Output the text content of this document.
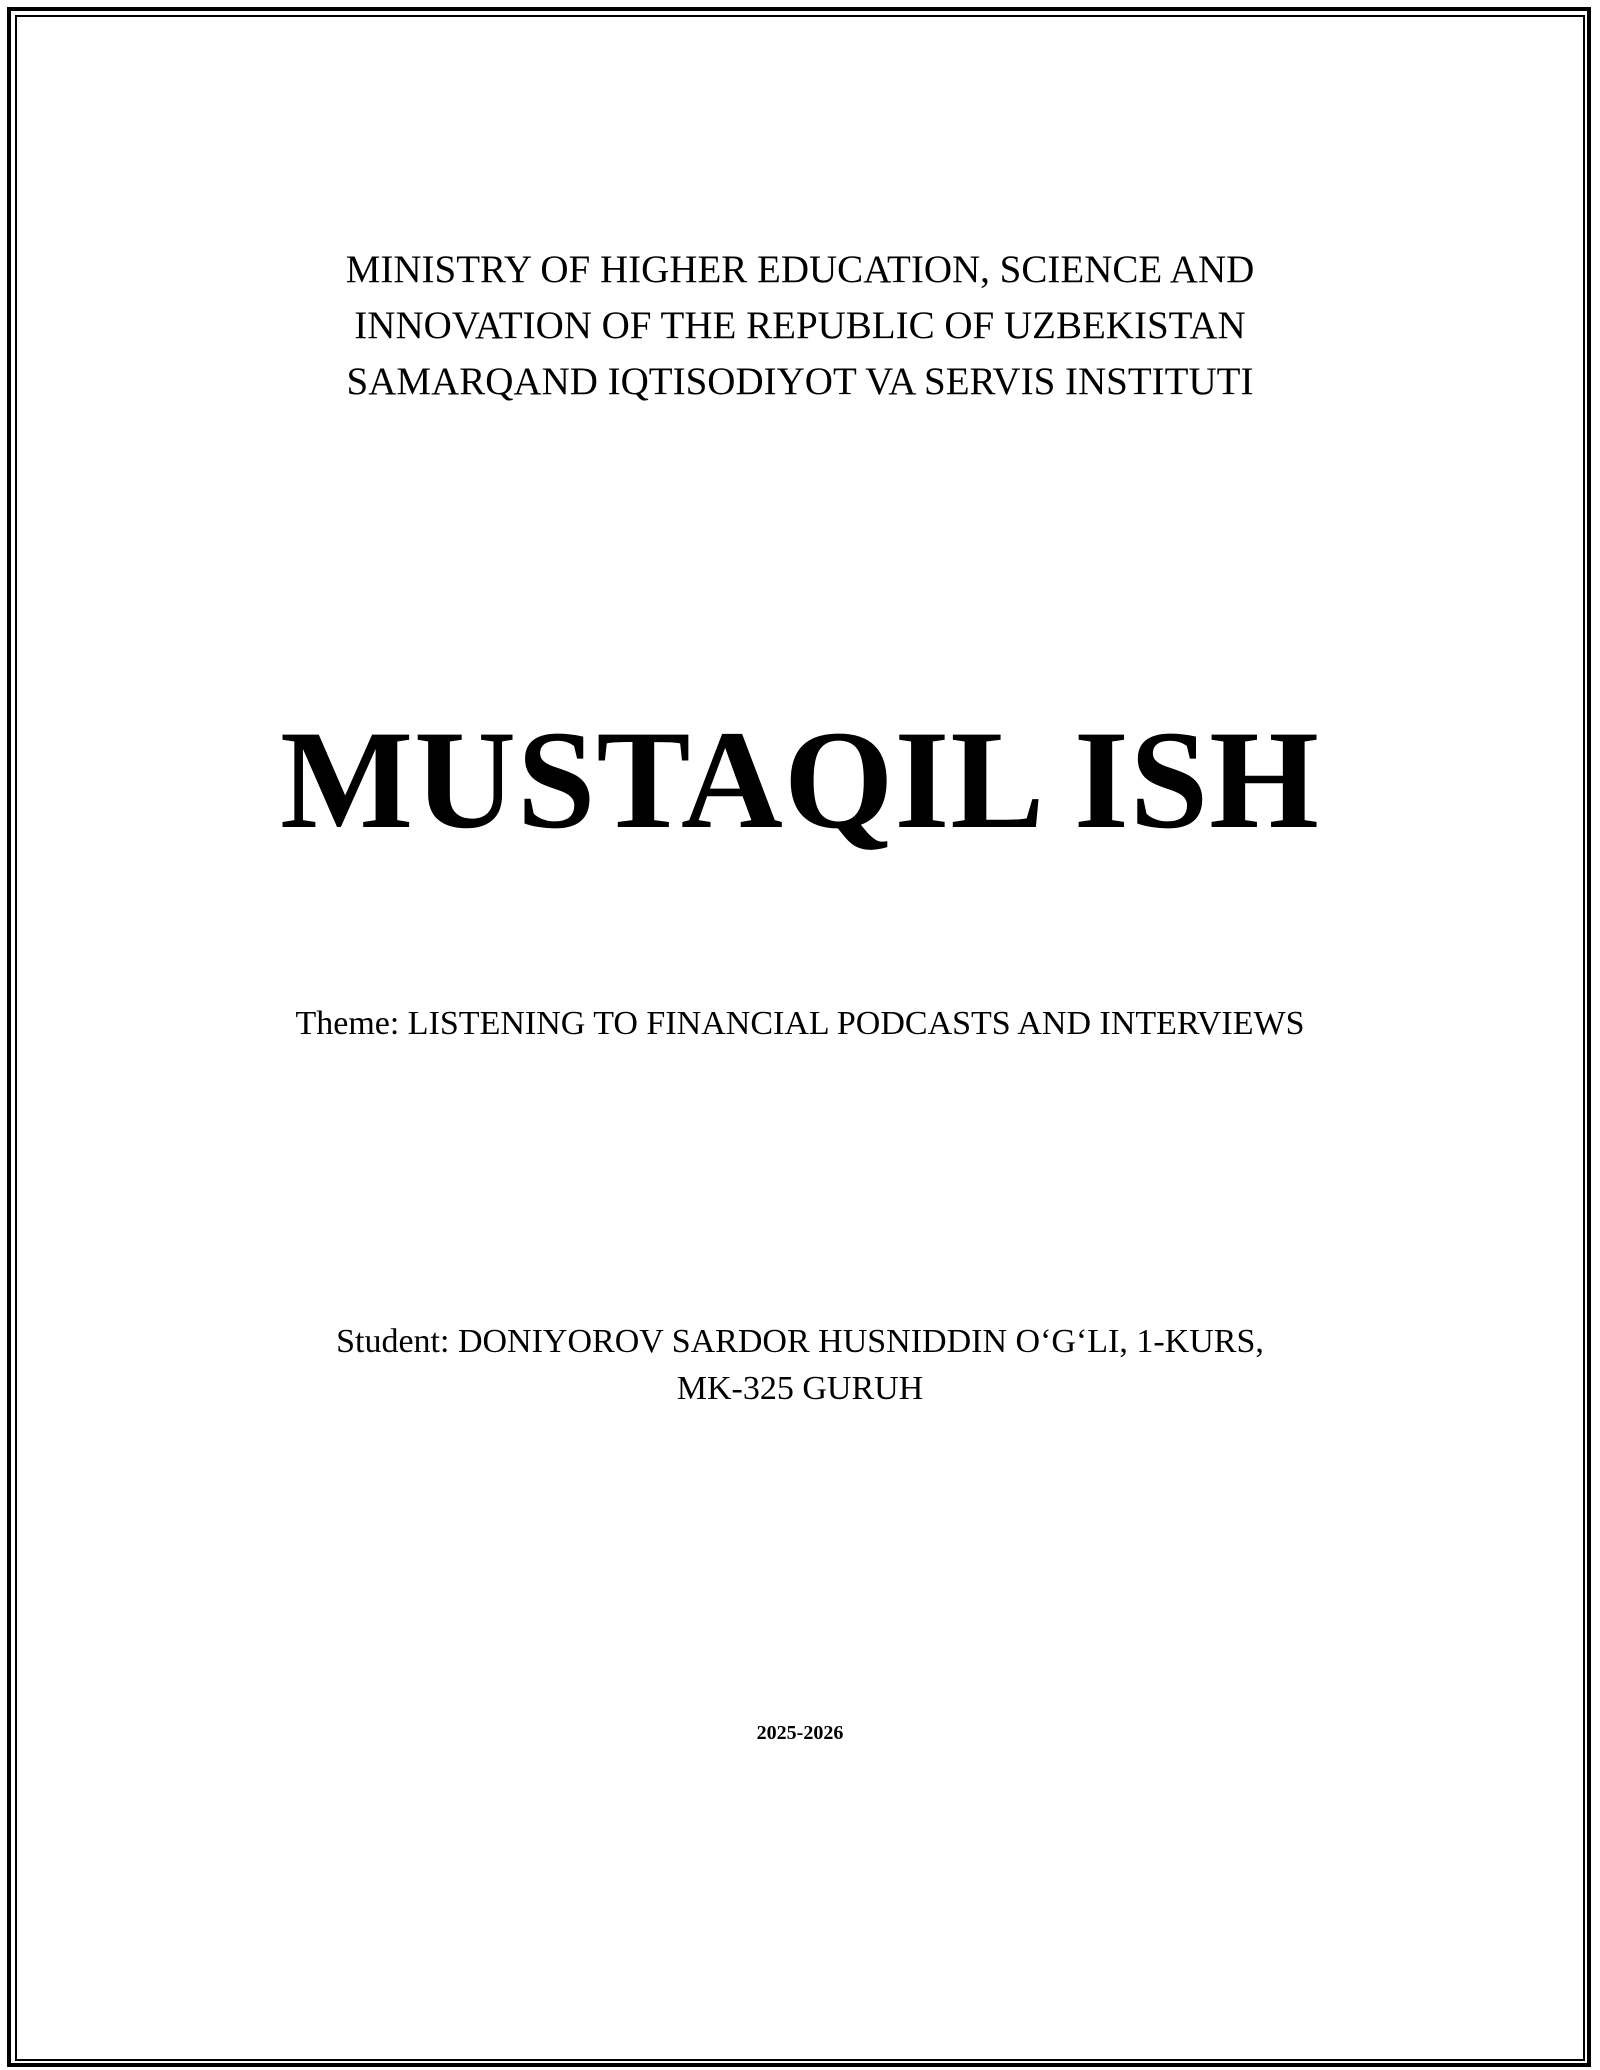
MINISTRY OF HIGHER EDUCATION, SCIENCE AND
INNOVATION OF THE REPUBLIC OF UZBEKISTAN
SAMARQAND IQTISODIYOT VA SERVIS INSTITUTI
MUSTAQIL ISH
Theme: LISTENING TO FINANCIAL PODCASTS AND INTERVIEWS
Student: DONIYOROV SARDOR HUSNIDDIN O‘G‘LI, 1-KURS,
MK-325 GURUH
2025-2026
